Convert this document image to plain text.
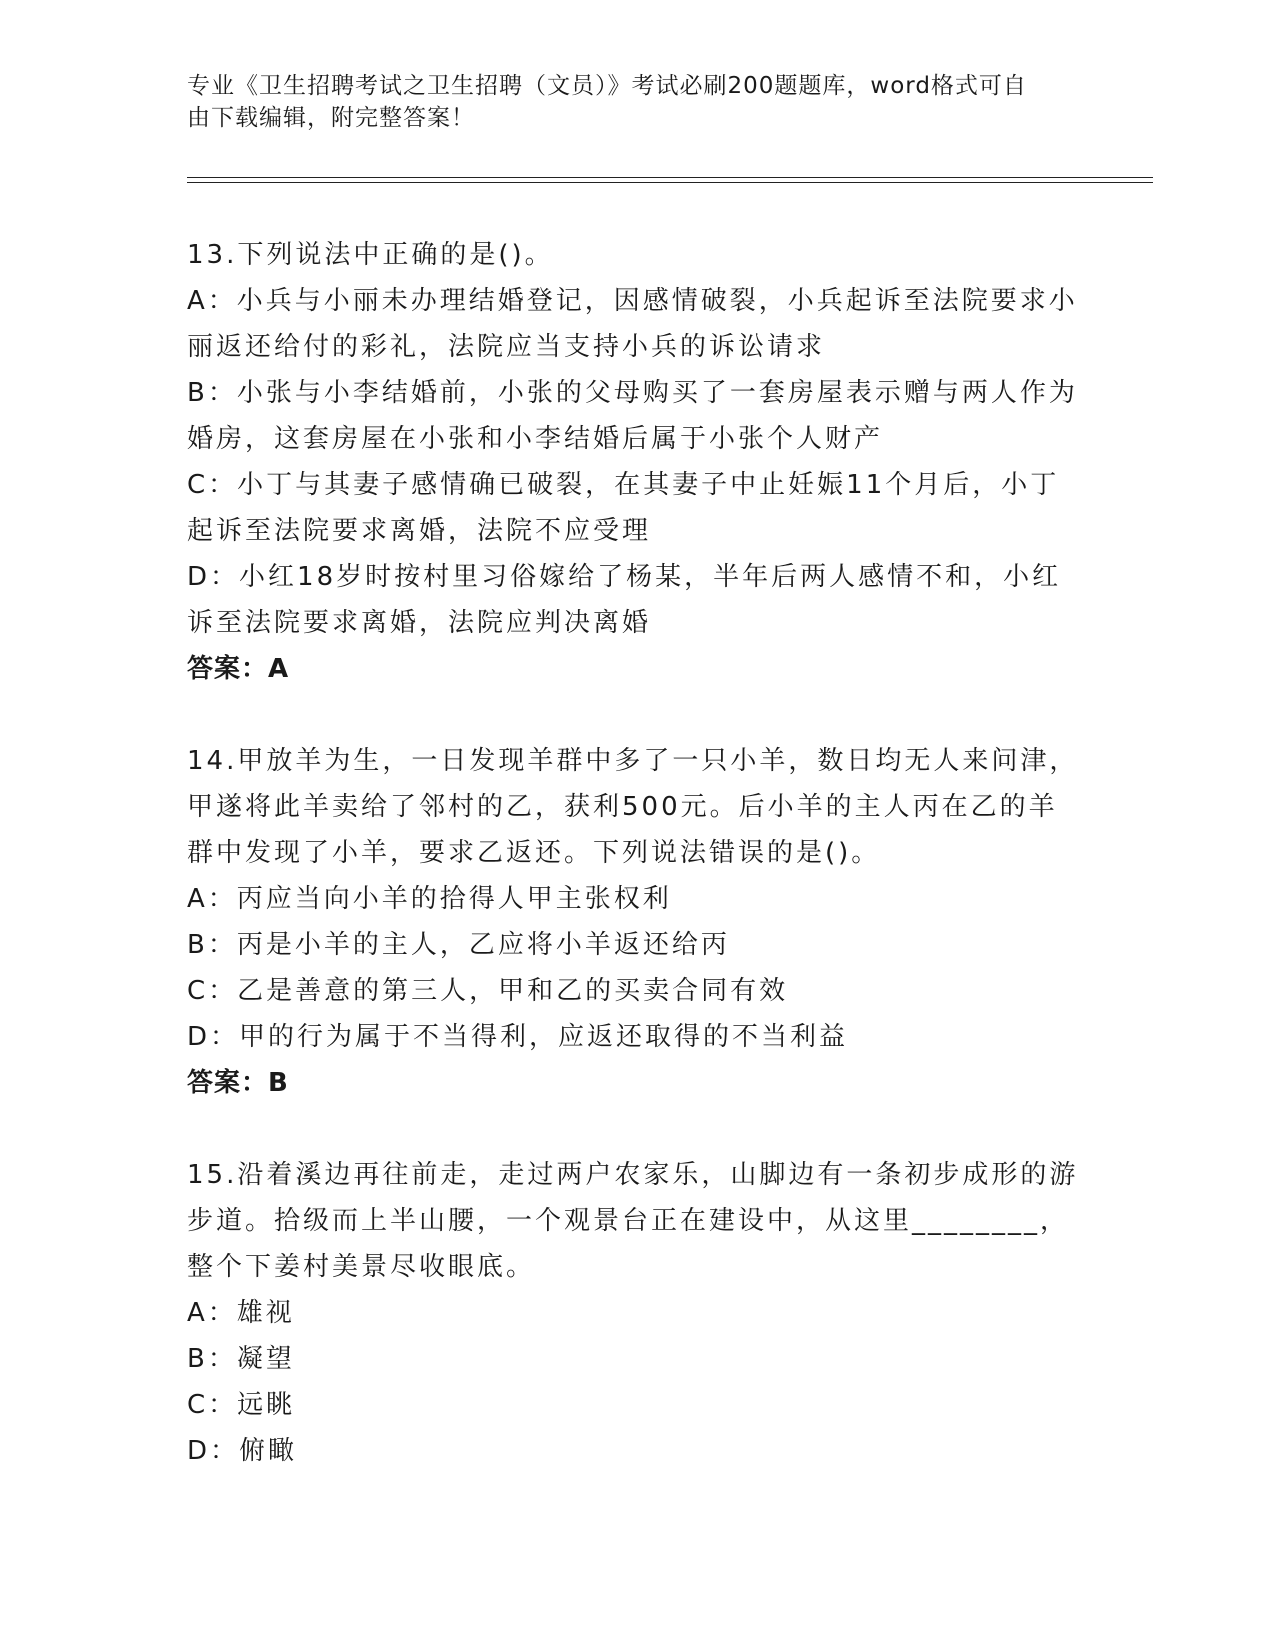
专业《卫生招聘考试之卫生招聘（文员）》考试必刷200题题库，word格式可自
由下载编辑，附完整答案！
13.下列说法中正确的是()。
A：小兵与小丽未办理结婚登记，因感情破裂，小兵起诉至法院要求小
丽返还给付的彩礼，法院应当支持小兵的诉讼请求
B：小张与小李结婚前，小张的父母购买了一套房屋表示赠与两人作为
婚房，这套房屋在小张和小李结婚后属于小张个人财产
C：小丁与其妻子感情确已破裂，在其妻子中止妊娠11个月后，小丁
起诉至法院要求离婚，法院不应受理
D：小红18岁时按村里习俗嫁给了杨某，半年后两人感情不和，小红
诉至法院要求离婚，法院应判决离婚
答案：A
14.甲放羊为生，一日发现羊群中多了一只小羊，数日均无人来问津，
甲遂将此羊卖给了邻村的乙，获利500元。后小羊的主人丙在乙的羊
群中发现了小羊，要求乙返还。下列说法错误的是()。
A：丙应当向小羊的拾得人甲主张权利
B：丙是小羊的主人，乙应将小羊返还给丙
C：乙是善意的第三人，甲和乙的买卖合同有效
D：甲的行为属于不当得利，应返还取得的不当利益
答案：B
15.沿着溪边再往前走，走过两户农家乐，山脚边有一条初步成形的游
步道。拾级而上半山腰，一个观景台正在建设中，从这里________，
整个下姜村美景尽收眼底。
A：雄视
B：凝望
C：远眺
D：俯瞰
